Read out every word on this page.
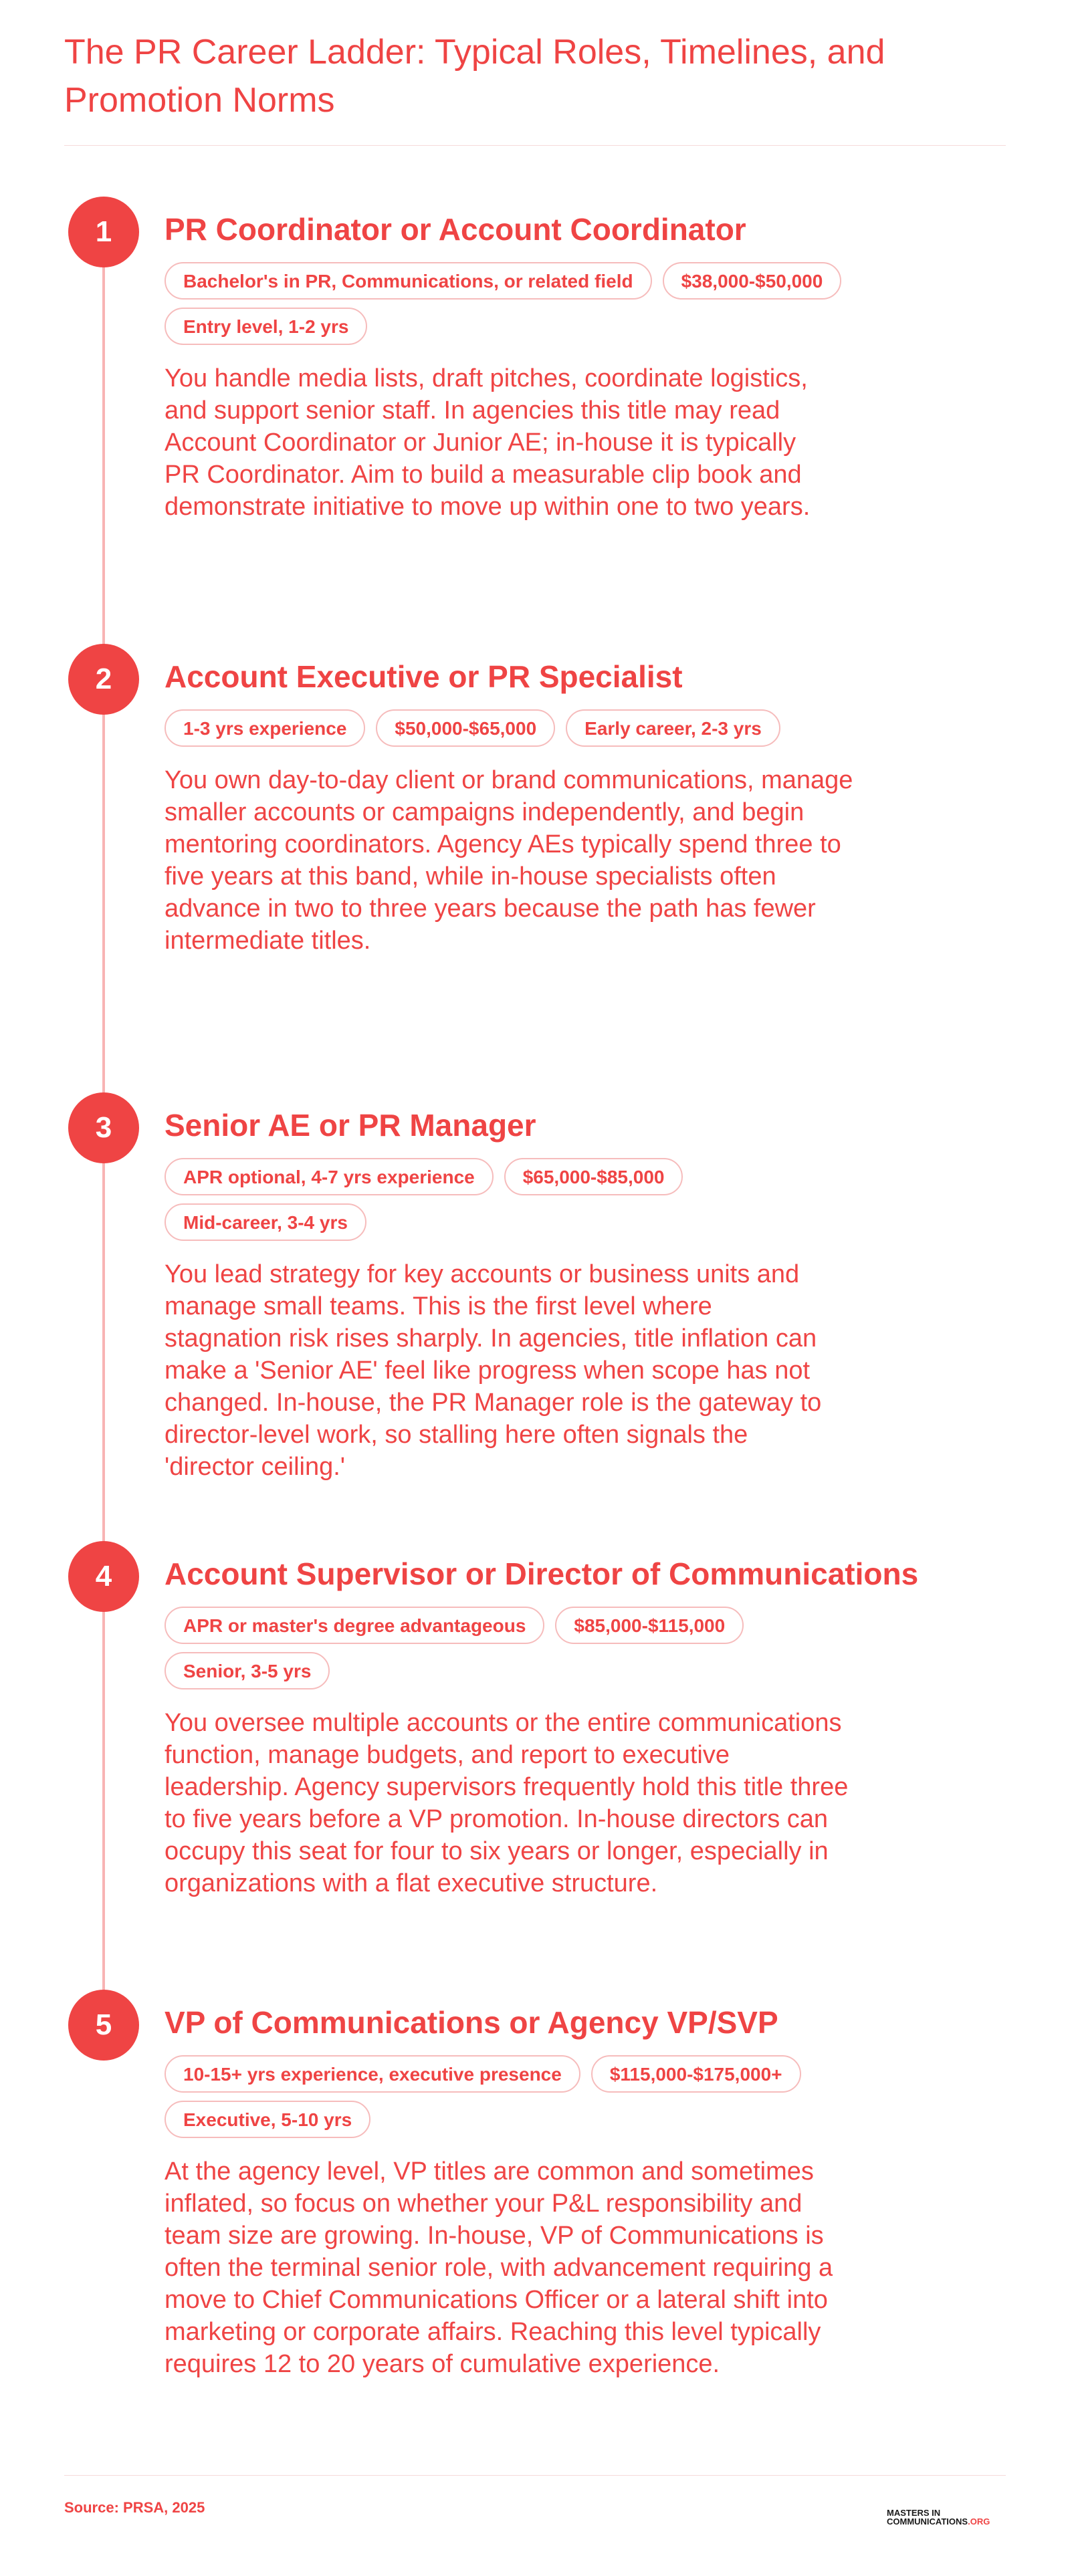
The PR Career Ladder: Typical Roles, Timelines, and Promotion Norms
1	PR Coordinator or Account Coordinator
Bachelor's in PR, Communications, or related field	$38,000-$50,000
Entry level, 1-2 yrs

You handle media lists, draft pitches, coordinate logistics, and support senior staff. In agencies this title may read Account Coordinator or Junior AE; in-house it is typically PR Coordinator. Aim to build a measurable clip book and demonstrate initiative to move up within one to two years.

2	Account Executive or PR Specialist
1-3 yrs experience	$50,000-$65,000	Early career, 2-3 yrs

You own day-to-day client or brand communications, manage smaller accounts or campaigns independently, and begin mentoring coordinators. Agency AEs typically spend three to five years at this band, while in-house specialists often advance in two to three years because the path has fewer intermediate titles.

3	Senior AE or PR Manager
APR optional, 4-7 yrs experience	$65,000-$85,000
Mid-career, 3-4 yrs

You lead strategy for key accounts or business units and manage small teams. This is the first level where stagnation risk rises sharply. In agencies, title inflation can make a 'Senior AE' feel like progress when scope has not changed. In-house, the PR Manager role is the gateway to director-level work, so stalling here often signals the 'director ceiling.'

4	Account Supervisor or Director of Communications
APR or master's degree advantageous	$85,000-$115,000
Senior, 3-5 yrs

You oversee multiple accounts or the entire communications function, manage budgets, and report to executive leadership. Agency supervisors frequently hold this title three to five years before a VP promotion. In-house directors can occupy this seat for four to six years or longer, especially in organizations with a flat executive structure.

5	VP of Communications or Agency VP/SVP
10-15+ yrs experience, executive presence	$115,000-$175,000+
Executive, 5-10 yrs

At the agency level, VP titles are common and sometimes inflated, so focus on whether your P&L responsibility and team size are growing. In-house, VP of Communications is often the terminal senior role, with advancement requiring a move to Chief Communications Officer or a lateral shift into marketing or corporate affairs. Reaching this level typically requires 12 to 20 years of cumulative experience.

Source: PRSA, 2025	MASTERS IN
COMMUNICATIONS.ORG
